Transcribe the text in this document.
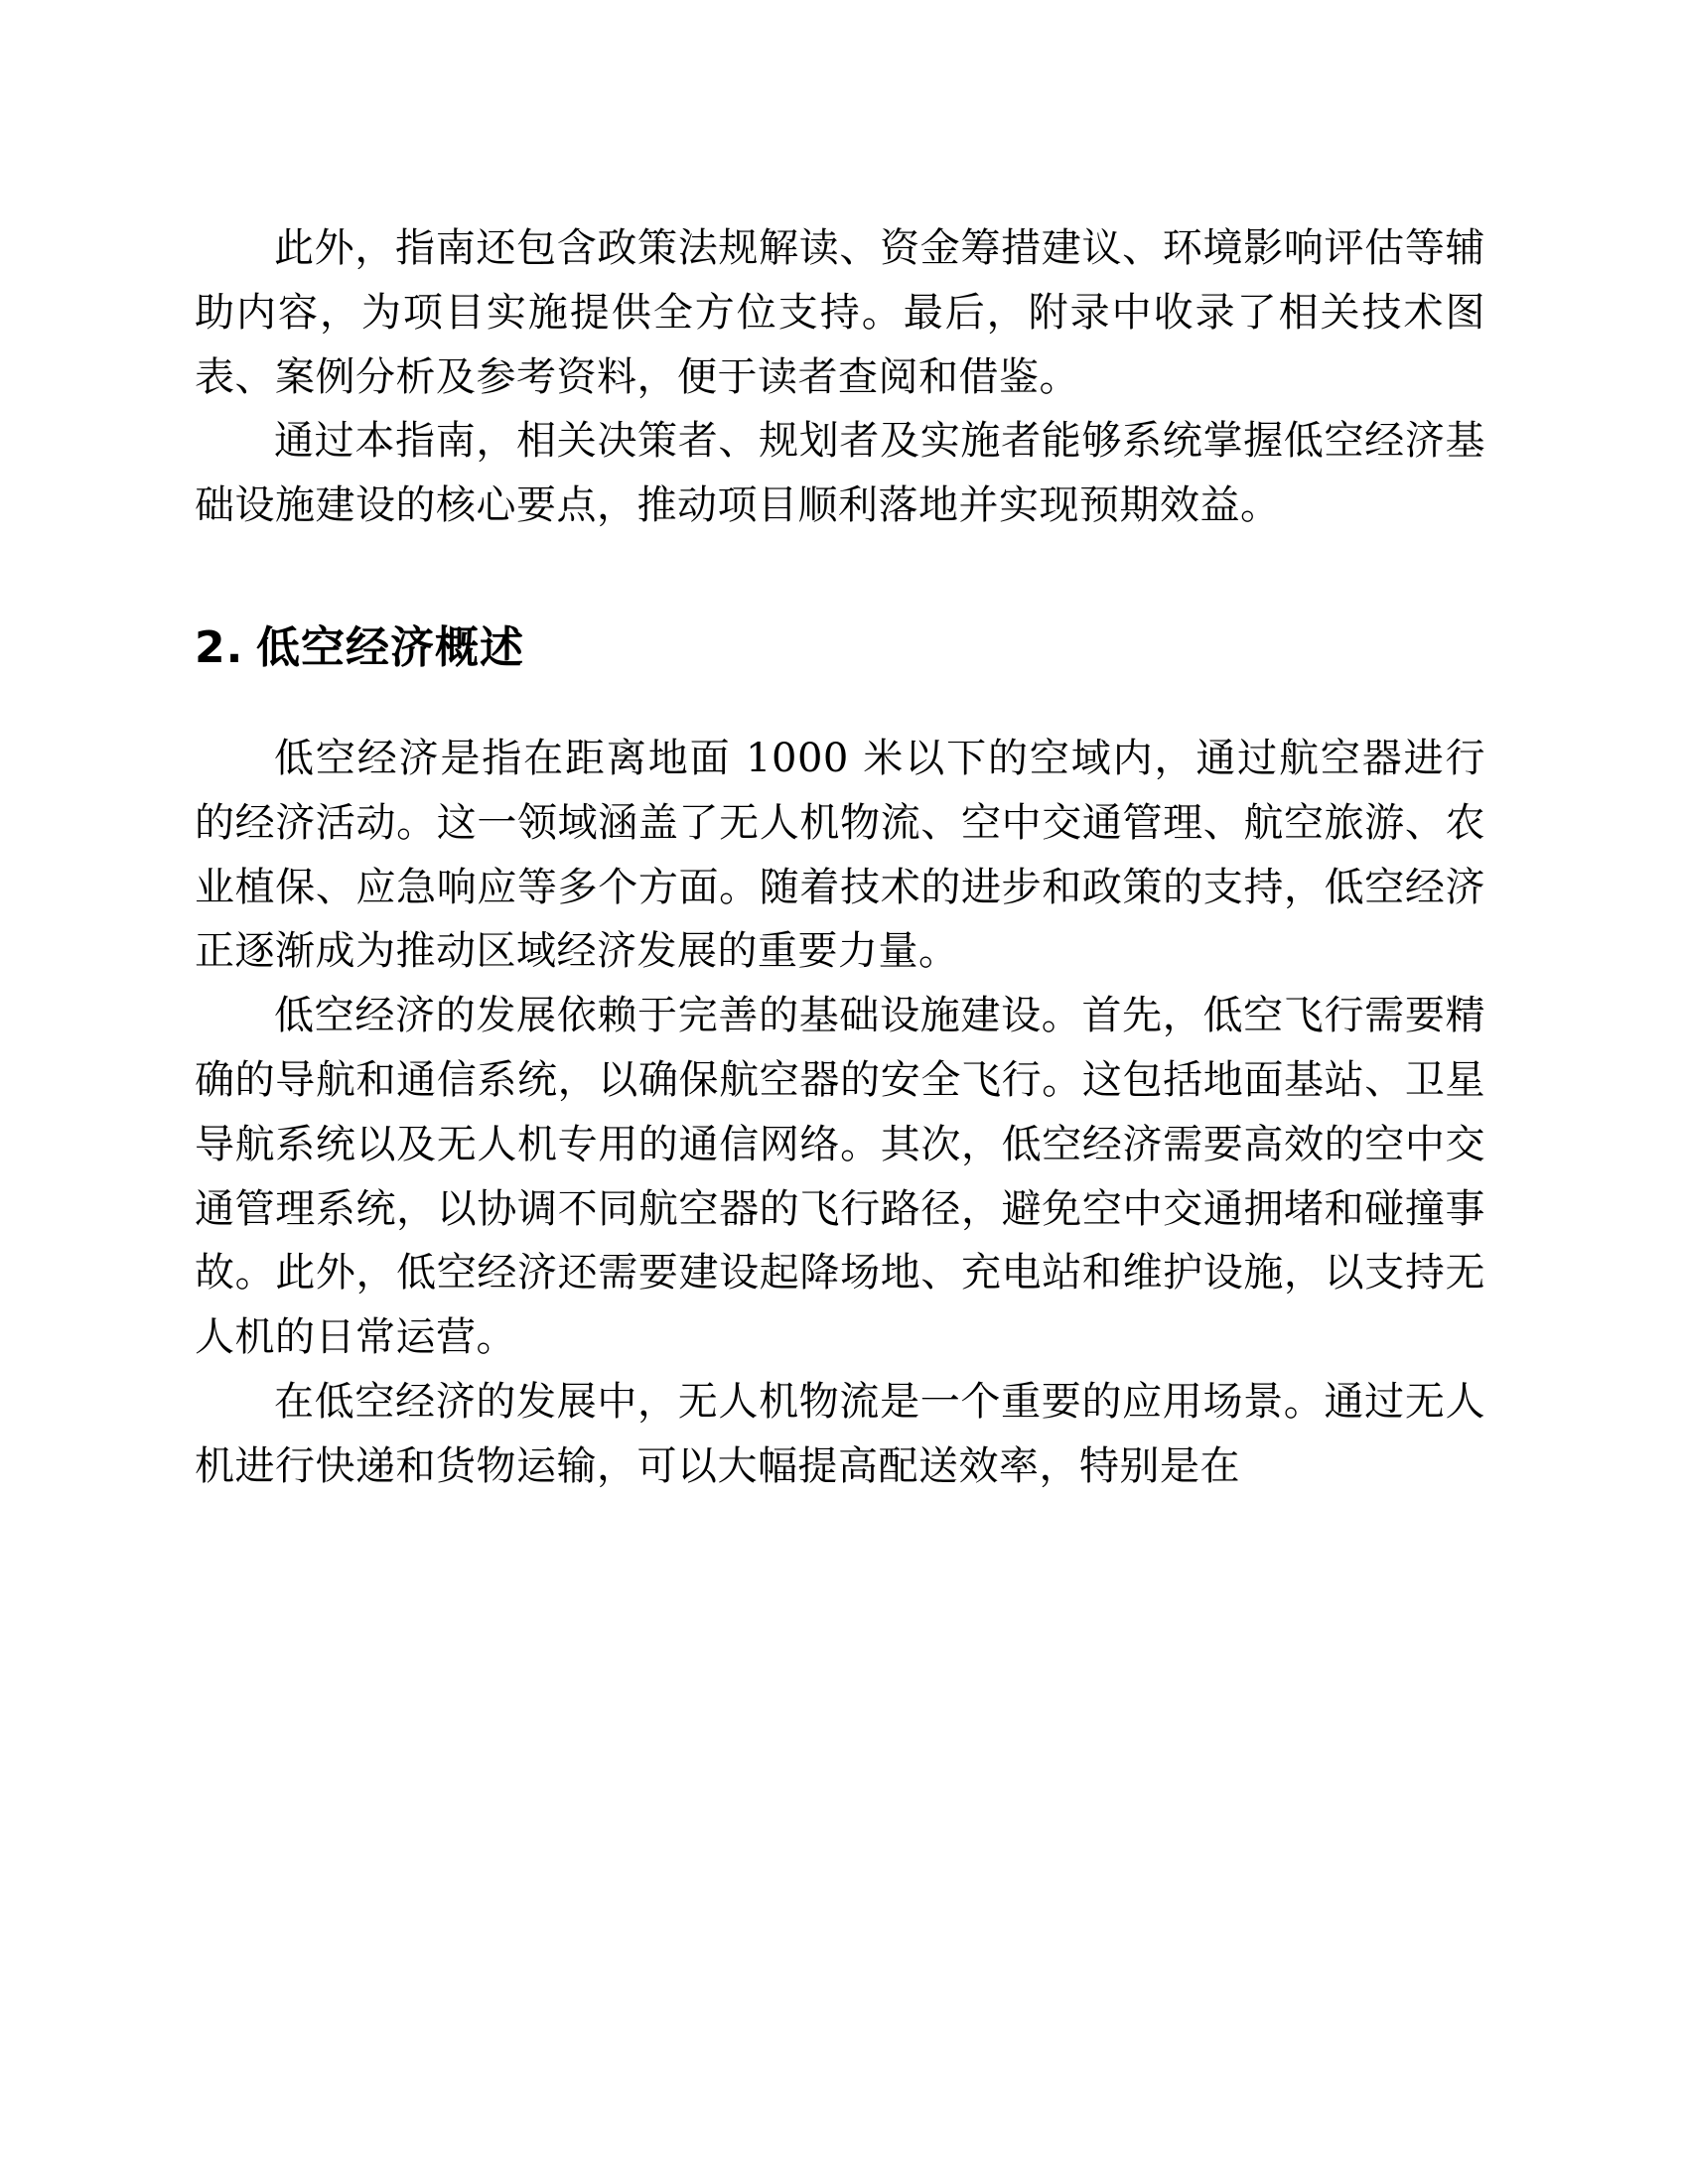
此外，指南还包含政策法规解读、资金筹措建议、环境影响评估等辅助内容，为项目实施提供全方位支持。最后，附录中收录了相关技术图表、案例分析及参考资料，便于读者查阅和借鉴。

通过本指南，相关决策者、规划者及实施者能够系统掌握低空经济基础设施建设的核心要点，推动项目顺利落地并实现预期效益。

2. 低空经济概述

低空经济是指在距离地面 1000 米以下的空域内，通过航空器进行的经济活动。这一领域涵盖了无人机物流、空中交通管理、航空旅游、农业植保、应急响应等多个方面。随着技术的进步和政策的支持，低空经济正逐渐成为推动区域经济发展的重要力量。

低空经济的发展依赖于完善的基础设施建设。首先，低空飞行需要精确的导航和通信系统，以确保航空器的安全飞行。这包括地面基站、卫星导航系统以及无人机专用的通信网络。其次，低空经济需要高效的空中交通管理系统，以协调不同航空器的飞行路径，避免空中交通拥堵和碰撞事故。此外，低空经济还需要建设起降场地、充电站和维护设施，以支持无人机的日常运营。

在低空经济的发展中，无人机物流是一个重要的应用场景。通过无人机进行快递和货物运输，可以大幅提高配送效率，特别是在
